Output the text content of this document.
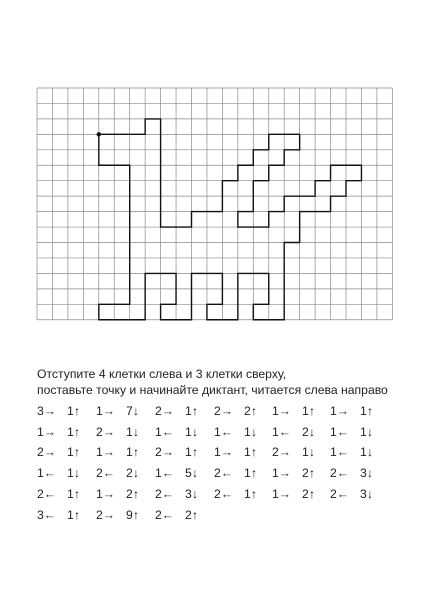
Отступите 4 клетки слева и 3 клетки сверху,
поставьте точку и начинайте диктант, читается слева направо
3→ 1↑ 1→ 7↓ 2→ 1↑ 2→ 2↑ 1→ 1↑ 1→ 1↑
1→ 1↑ 2→ 1↓ 1← 1↓ 1← 1↓ 1← 2↓ 1← 1↓
2→ 1↑ 1→ 1↑ 2→ 1↑ 1→ 1↑ 2→ 1↓ 1← 1↓
1← 1↓ 2← 2↓ 1← 5↓ 2← 1↑ 1→ 2↑ 2← 3↓
2← 1↑ 1→ 2↑ 2← 3↓ 2← 1↑ 1→ 2↑ 2← 3↓
3← 1↑ 2→ 9↑ 2← 2↑
